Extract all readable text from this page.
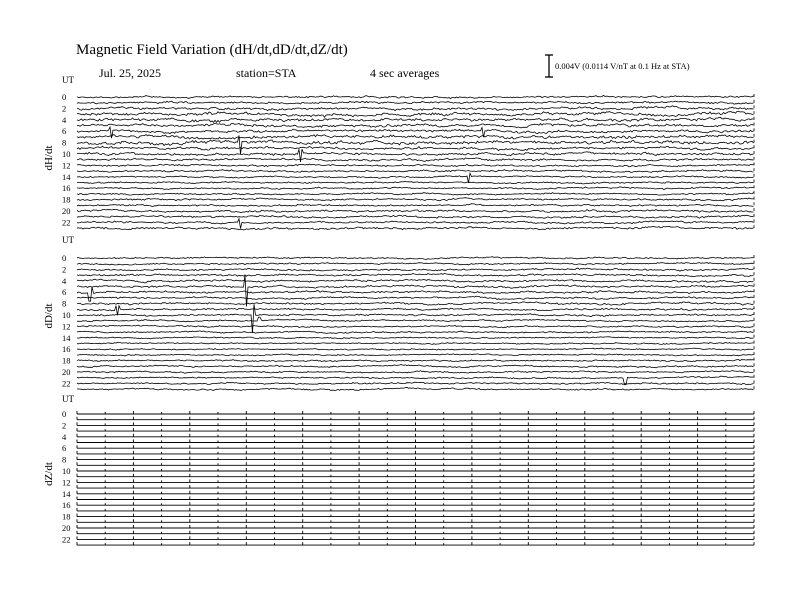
Magnetic Field Variation (dH/dt,dD/dt,dZ/dt)
Jul. 25, 2025	station=STA	4 sec averages	0.004V (0.0114 V/nT at 0.1 Hz at STA)
UT
0
2
4
6
8
10
12
14
16
18
20
22
dH/dt
UT
0
2
4
6
8
10
12
14
16
18
20
22
dD/dt
UT
0
2
4
6
8
10
12
14
16
18
20
22
dZ/dt
